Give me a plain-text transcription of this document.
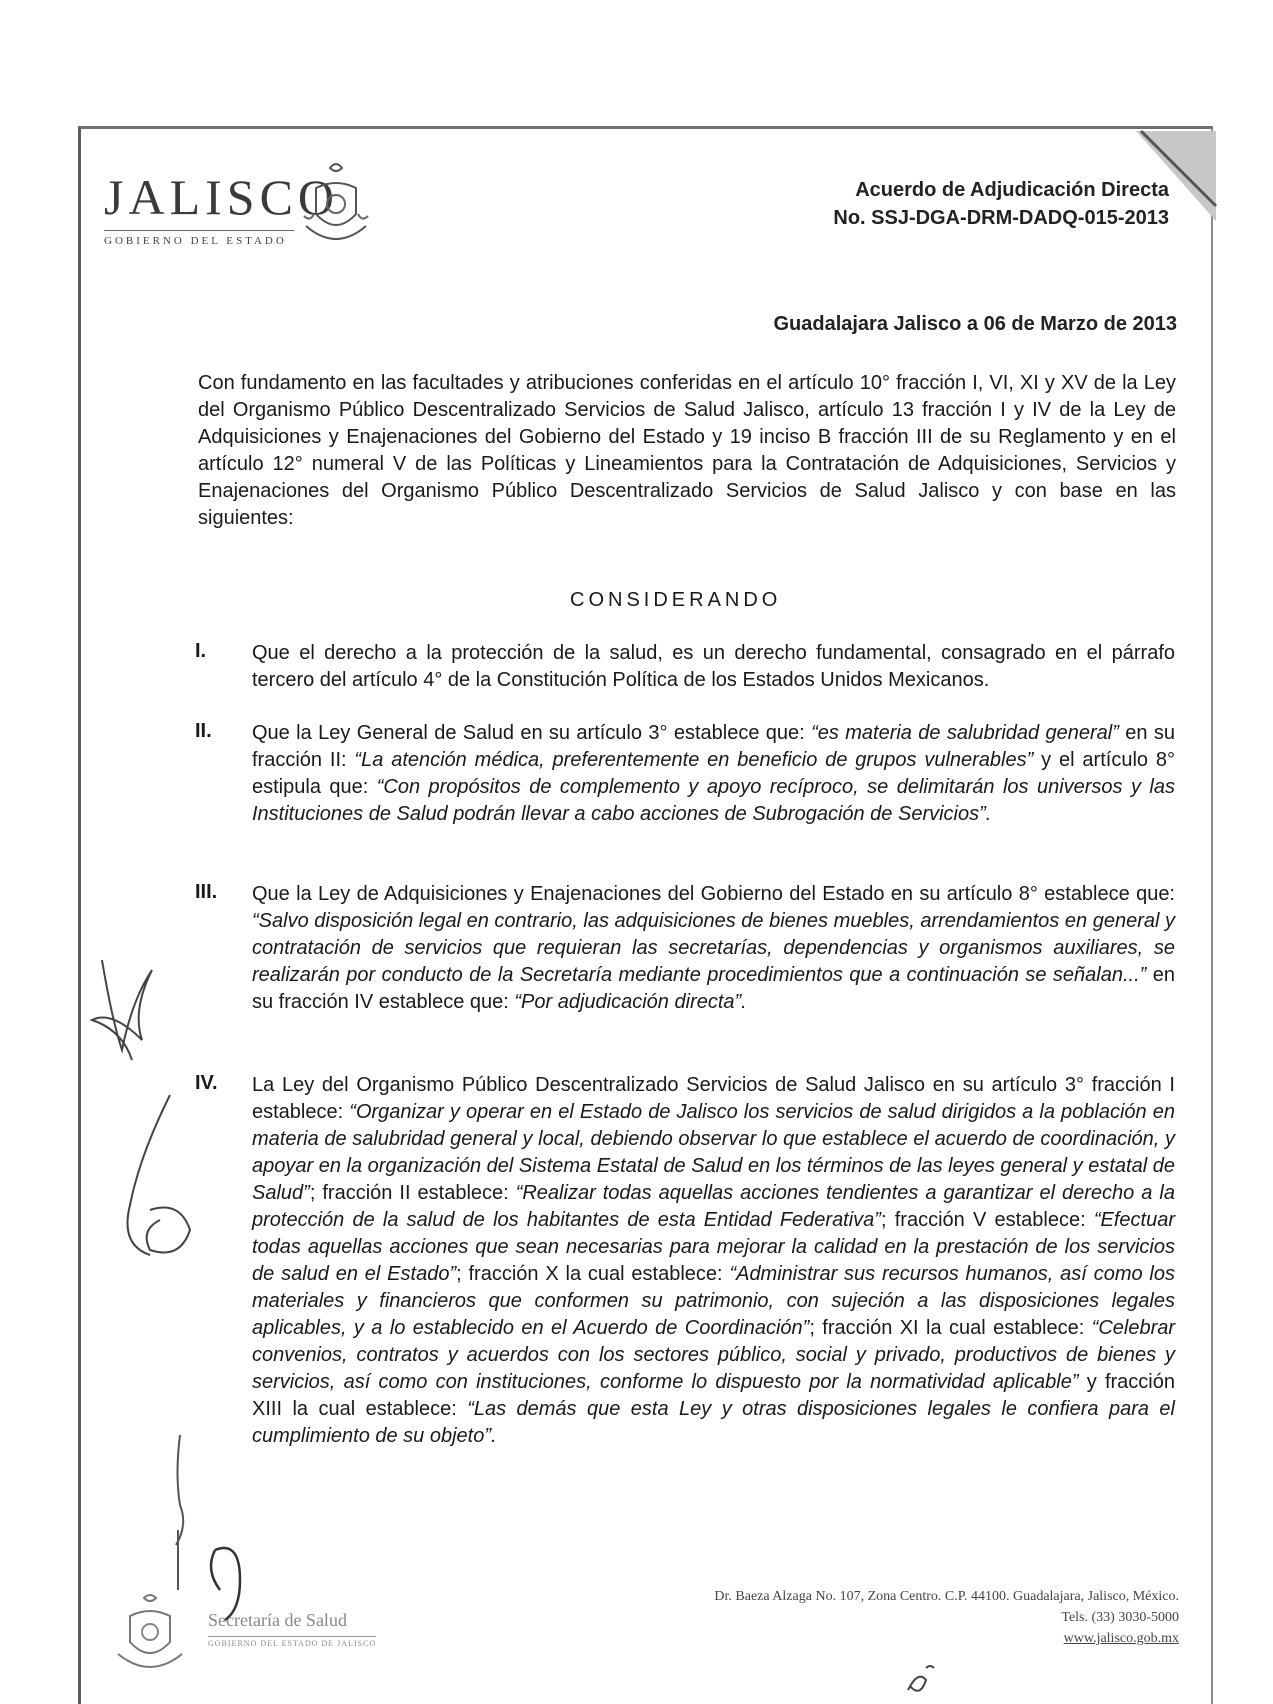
JALISCO
GOBIERNO DEL ESTADO
Acuerdo de Adjudicación Directa
No. SSJ-DGA-DRM-DADQ-015-2013
Guadalajara Jalisco a 06 de Marzo de 2013

Con fundamento en las facultades y atribuciones conferidas en el artículo 10° fracción I, VI, XI y XV de la Ley del Organismo Público Descentralizado Servicios de Salud Jalisco, artículo 13 fracción I y IV de la Ley de Adquisiciones y Enajenaciones del Gobierno del Estado y 19 inciso B fracción III de su Reglamento y en el artículo 12° numeral V de las Políticas y Lineamientos para la Contratación de Adquisiciones, Servicios y Enajenaciones del Organismo Público Descentralizado Servicios de Salud Jalisco y con base en las siguientes:

CONSIDERANDO

I. Que el derecho a la protección de la salud, es un derecho fundamental, consagrado en el párrafo tercero del artículo 4° de la Constitución Política de los Estados Unidos Mexicanos.

II. Que la Ley General de Salud en su artículo 3° establece que: “es materia de salubridad general” en su fracción II: “La atención médica, preferentemente en beneficio de grupos vulnerables” y el artículo 8° estipula que: “Con propósitos de complemento y apoyo recíproco, se delimitarán los universos y las Instituciones de Salud podrán llevar a cabo acciones de Subrogación de Servicios”.

III. Que la Ley de Adquisiciones y Enajenaciones del Gobierno del Estado en su artículo 8° establece que: “Salvo disposición legal en contrario, las adquisiciones de bienes muebles, arrendamientos en general y contratación de servicios que requieran las secretarías, dependencias y organismos auxiliares, se realizarán por conducto de la Secretaría mediante procedimientos que a continuación se señalan...” en su fracción IV establece que: “Por adjudicación directa”.

IV. La Ley del Organismo Público Descentralizado Servicios de Salud Jalisco en su artículo 3° fracción I establece: “Organizar y operar en el Estado de Jalisco los servicios de salud dirigidos a la población en materia de salubridad general y local, debiendo observar lo que establece el acuerdo de coordinación, y apoyar en la organización del Sistema Estatal de Salud en los términos de las leyes general y estatal de Salud”; fracción II establece: “Realizar todas aquellas acciones tendientes a garantizar el derecho a la protección de la salud de los habitantes de esta Entidad Federativa”; fracción V establece: “Efectuar todas aquellas acciones que sean necesarias para mejorar la calidad en la prestación de los servicios de salud en el Estado”; fracción X la cual establece: “Administrar sus recursos humanos, así como los materiales y financieros que conformen su patrimonio, con sujeción a las disposiciones legales aplicables, y a lo establecido en el Acuerdo de Coordinación”; fracción XI la cual establece: “Celebrar convenios, contratos y acuerdos con los sectores público, social y privado, productivos de bienes y servicios, así como con instituciones, conforme lo dispuesto por la normatividad aplicable” y fracción XIII la cual establece: “Las demás que esta Ley y otras disposiciones legales le confiera para el cumplimiento de su objeto”.

Secretaría de Salud
GOBIERNO DEL ESTADO DE JALISCO
Dr. Baeza Alzaga No. 107, Zona Centro. C.P. 44100. Guadalajara, Jalisco, México.
Tels. (33) 3030-5000
www.jalisco.gob.mx
